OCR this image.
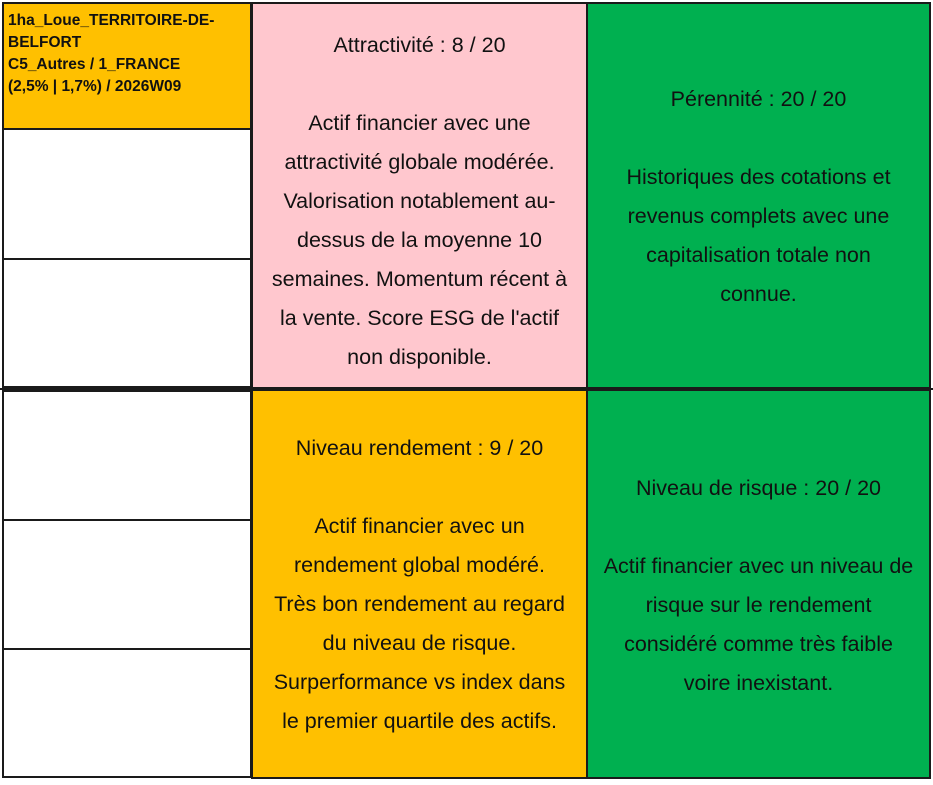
1ha_Loue_TERRITOIRE-DE-
BELFORT
C5_Autres / 1_FRANCE
(2,5% | 1,7%) / 2026W09
Attractivité : 8 / 20
Actif financier avec une
attractivité globale modérée.
Valorisation notablement au-
dessus de la moyenne 10
semaines. Momentum récent à
la vente. Score ESG de l'actif
non disponible.
Pérennité : 20 / 20
Historiques des cotations et
revenus complets avec une
capitalisation totale non
connue.
Niveau rendement : 9 / 20
Actif financier avec un
rendement global modéré.
Très bon rendement au regard
du niveau de risque.
Surperformance vs index dans
le premier quartile des actifs.
Niveau de risque : 20 / 20
Actif financier avec un niveau de
risque sur le rendement
considéré comme très faible
voire inexistant.
